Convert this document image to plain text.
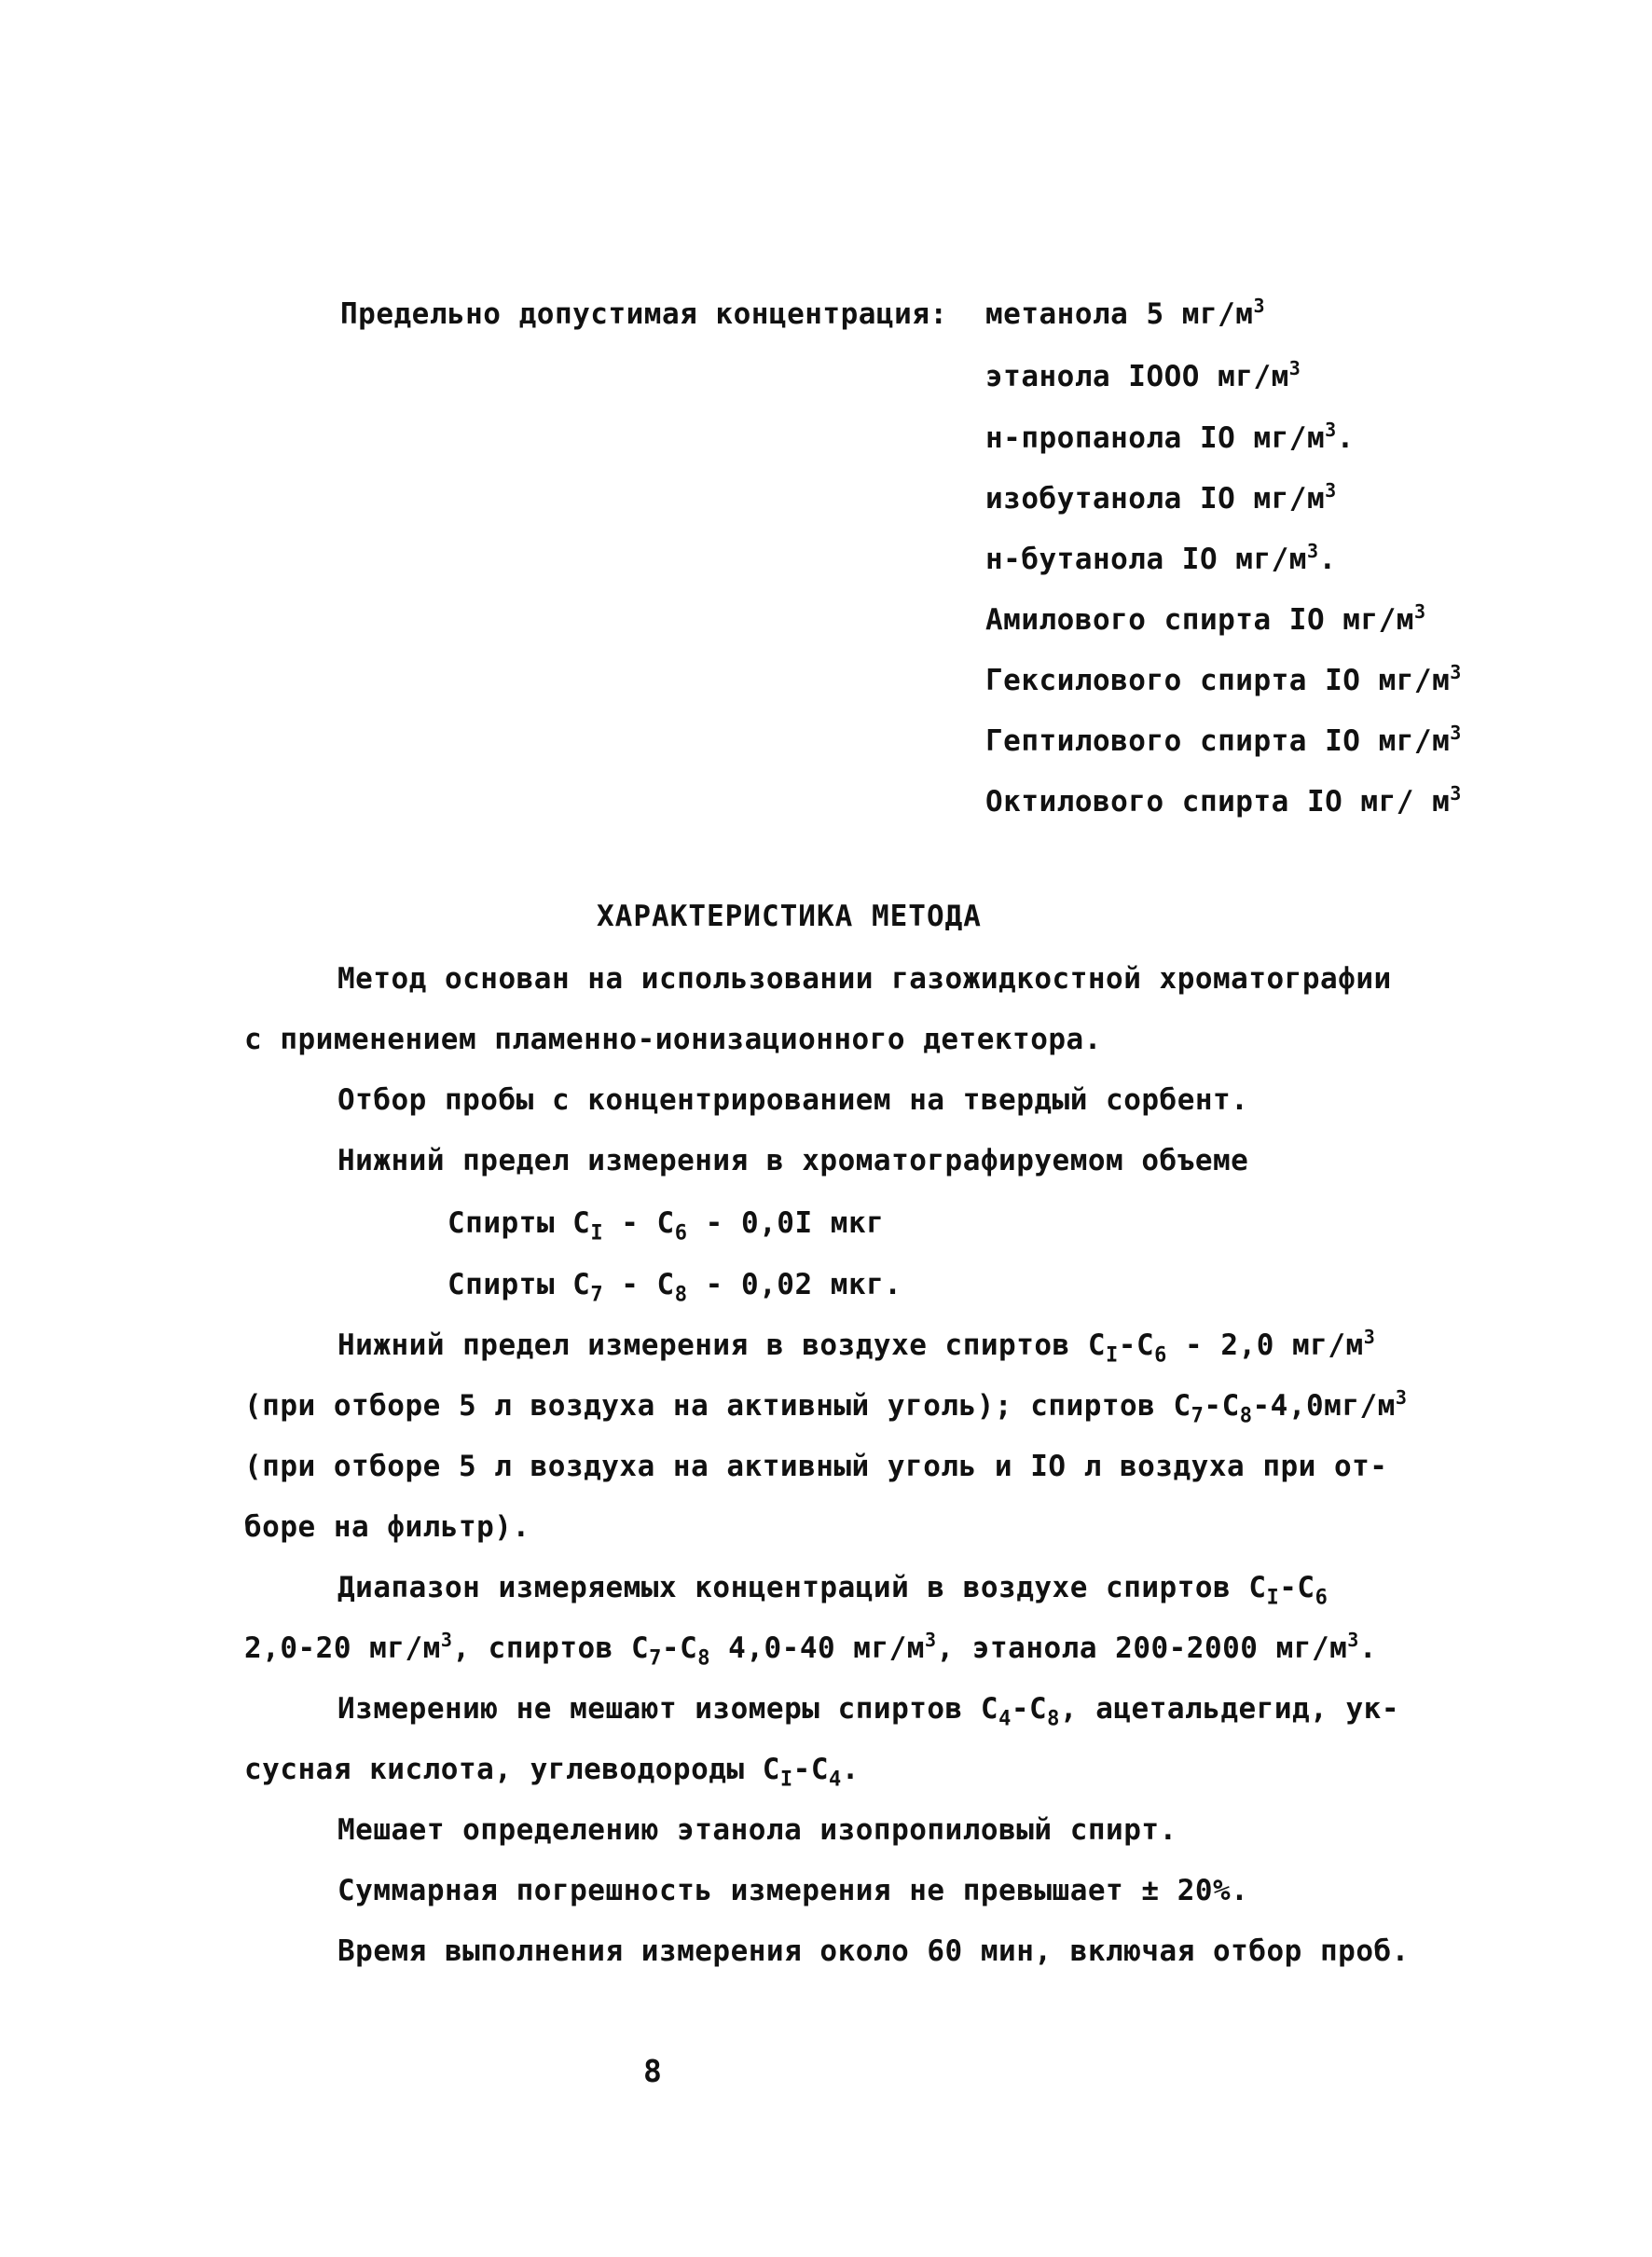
Предельно допустимая концентрация: метанола 5 $мг/м^3$
этанола IOOO $мг/м^3$
н-пропанола IO $мг/м^3$.
изобутанола IO $мг/м^3$
н-бутанола IO $мг/м^3$.
Амилового спирта IO $мг/м^3$
Гексилового спирта IO $мг/м^3$
Гептилового спирта IO $мг/м^3$
Октилового спирта IO мг/ $м^3$
ХАРАКТЕРИСТИКА МЕТОДА
Метод основан на использовании газожидкостной хроматографии
с применением пламенно-ионизационного детектора.
Отбор пробы с концентрированием на твердый сорбент.
Нижний предел измерения в хроматографируемом объеме
Спирты $С_I - С_6 - 0,0I$ мкг
Спирты $С_7 - С_8 - 0,02$ мкг.
Нижний предел измерения в воздухе спиртов $С_I-С_6 - 2,0$ $мг/м^3$
(при отборе 5 л воздуха на активный уголь); спиртов $С_7-С_8-4,0мг/м^3$
(при отборе 5 л воздуха на активный уголь и IO л воздуха при от-
боре на фильтр).
Диапазон измеряемых концентраций в воздухе спиртов $С_I-С_6$
2,0-20 $мг/м^3$, спиртов $С_7-С_8$ 4,0-40 $мг/м^3$, этанола 200-2000 $мг/м^3$.
Измерению не мешают изомеры спиртов $С_4-С_8$, ацетальдегид, ук-
сусная кислота, углеводороды $С_I-С_4$.
Мешает определению этанола изопропиловый спирт.
Суммарная погрешность измерения не превышает ± 20%.
Время выполнения измерения около 60 мин, включая отбор проб.
8
